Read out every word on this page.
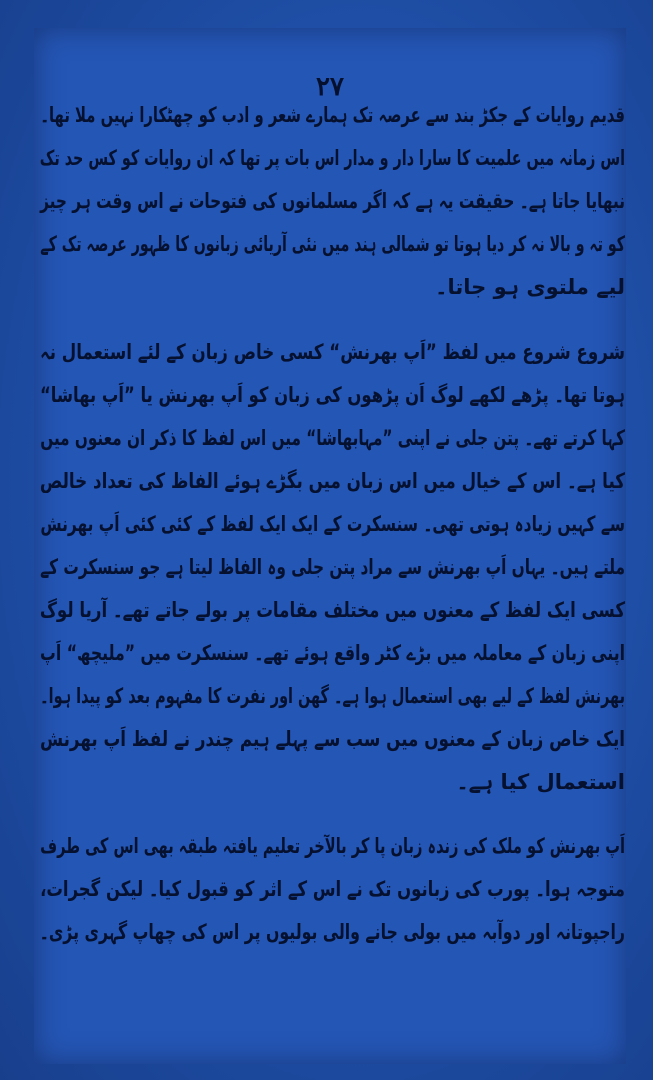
۲۷
قدیم روایات کے جکڑ بند سے عرصہ تک ہمارے شعر و ادب کو چھٹکارا نہیں ملا تھا۔
اس زمانہ میں علمیت کا سارا دار و مدار اس بات پر تھا کہ ان روایات کو کس حد تک
نبھایا جاتا ہے۔ حقیقت یہ ہے کہ اگر مسلمانوں کی فتوحات نے اس وقت ہر چیز
کو تہ و بالا نہ کر دیا ہوتا تو شمالی ہند میں نئی آریائی زبانوں کا ظہور عرصہ تک کے
لیے ملتوی ہو جاتا۔
شروع شروع میں لفظ ”اَپ بھرنش“ کسی خاص زبان کے لئے استعمال نہ
ہوتا تھا۔ پڑھے لکھے لوگ اَن پڑھوں کی زبان کو اَپ بھرنش یا ”اَپ بھاشا“
کہا کرتے تھے۔ پتن جلی نے اپنی ”مہابھاشا“ میں اس لفظ کا ذکر ان معنوں میں
کیا ہے۔ اس کے خیال میں اس زبان میں بگڑے ہوئے الفاظ کی تعداد خالص
سے کہیں زیادہ ہوتی تھی۔ سنسکرت کے ایک ایک لفظ کے کئی کئی اَپ بھرنش
ملتے ہیں۔ یہاں اَپ بھرنش سے مراد پتن جلی وہ الفاظ لیتا ہے جو سنسکرت کے
کسی ایک لفظ کے معنوں میں مختلف مقامات پر بولے جاتے تھے۔ آریا لوگ
اپنی زبان کے معاملہ میں بڑے کٹر واقع ہوئے تھے۔ سنسکرت میں ”ملیچھ“ اَپ
بھرنش لفظ کے لیے بھی استعمال ہوا ہے۔ گھن اور نفرت کا مفہوم بعد کو پیدا ہوا۔
ایک خاص زبان کے معنوں میں سب سے پہلے ہیم چندر نے لفظ اَپ بھرنش
استعمال کیا ہے۔
اَپ بھرنش کو ملک کی زندہ زبان پا کر بالآخر تعلیم یافتہ طبقہ بھی اس کی طرف
متوجہ ہوا۔ پورب کی زبانوں تک نے اس کے اثر کو قبول کیا۔ لیکن گجرات،
راجپوتانہ اور دوآبہ میں بولی جانے والی بولیوں پر اس کی چھاپ گہری پڑی۔
